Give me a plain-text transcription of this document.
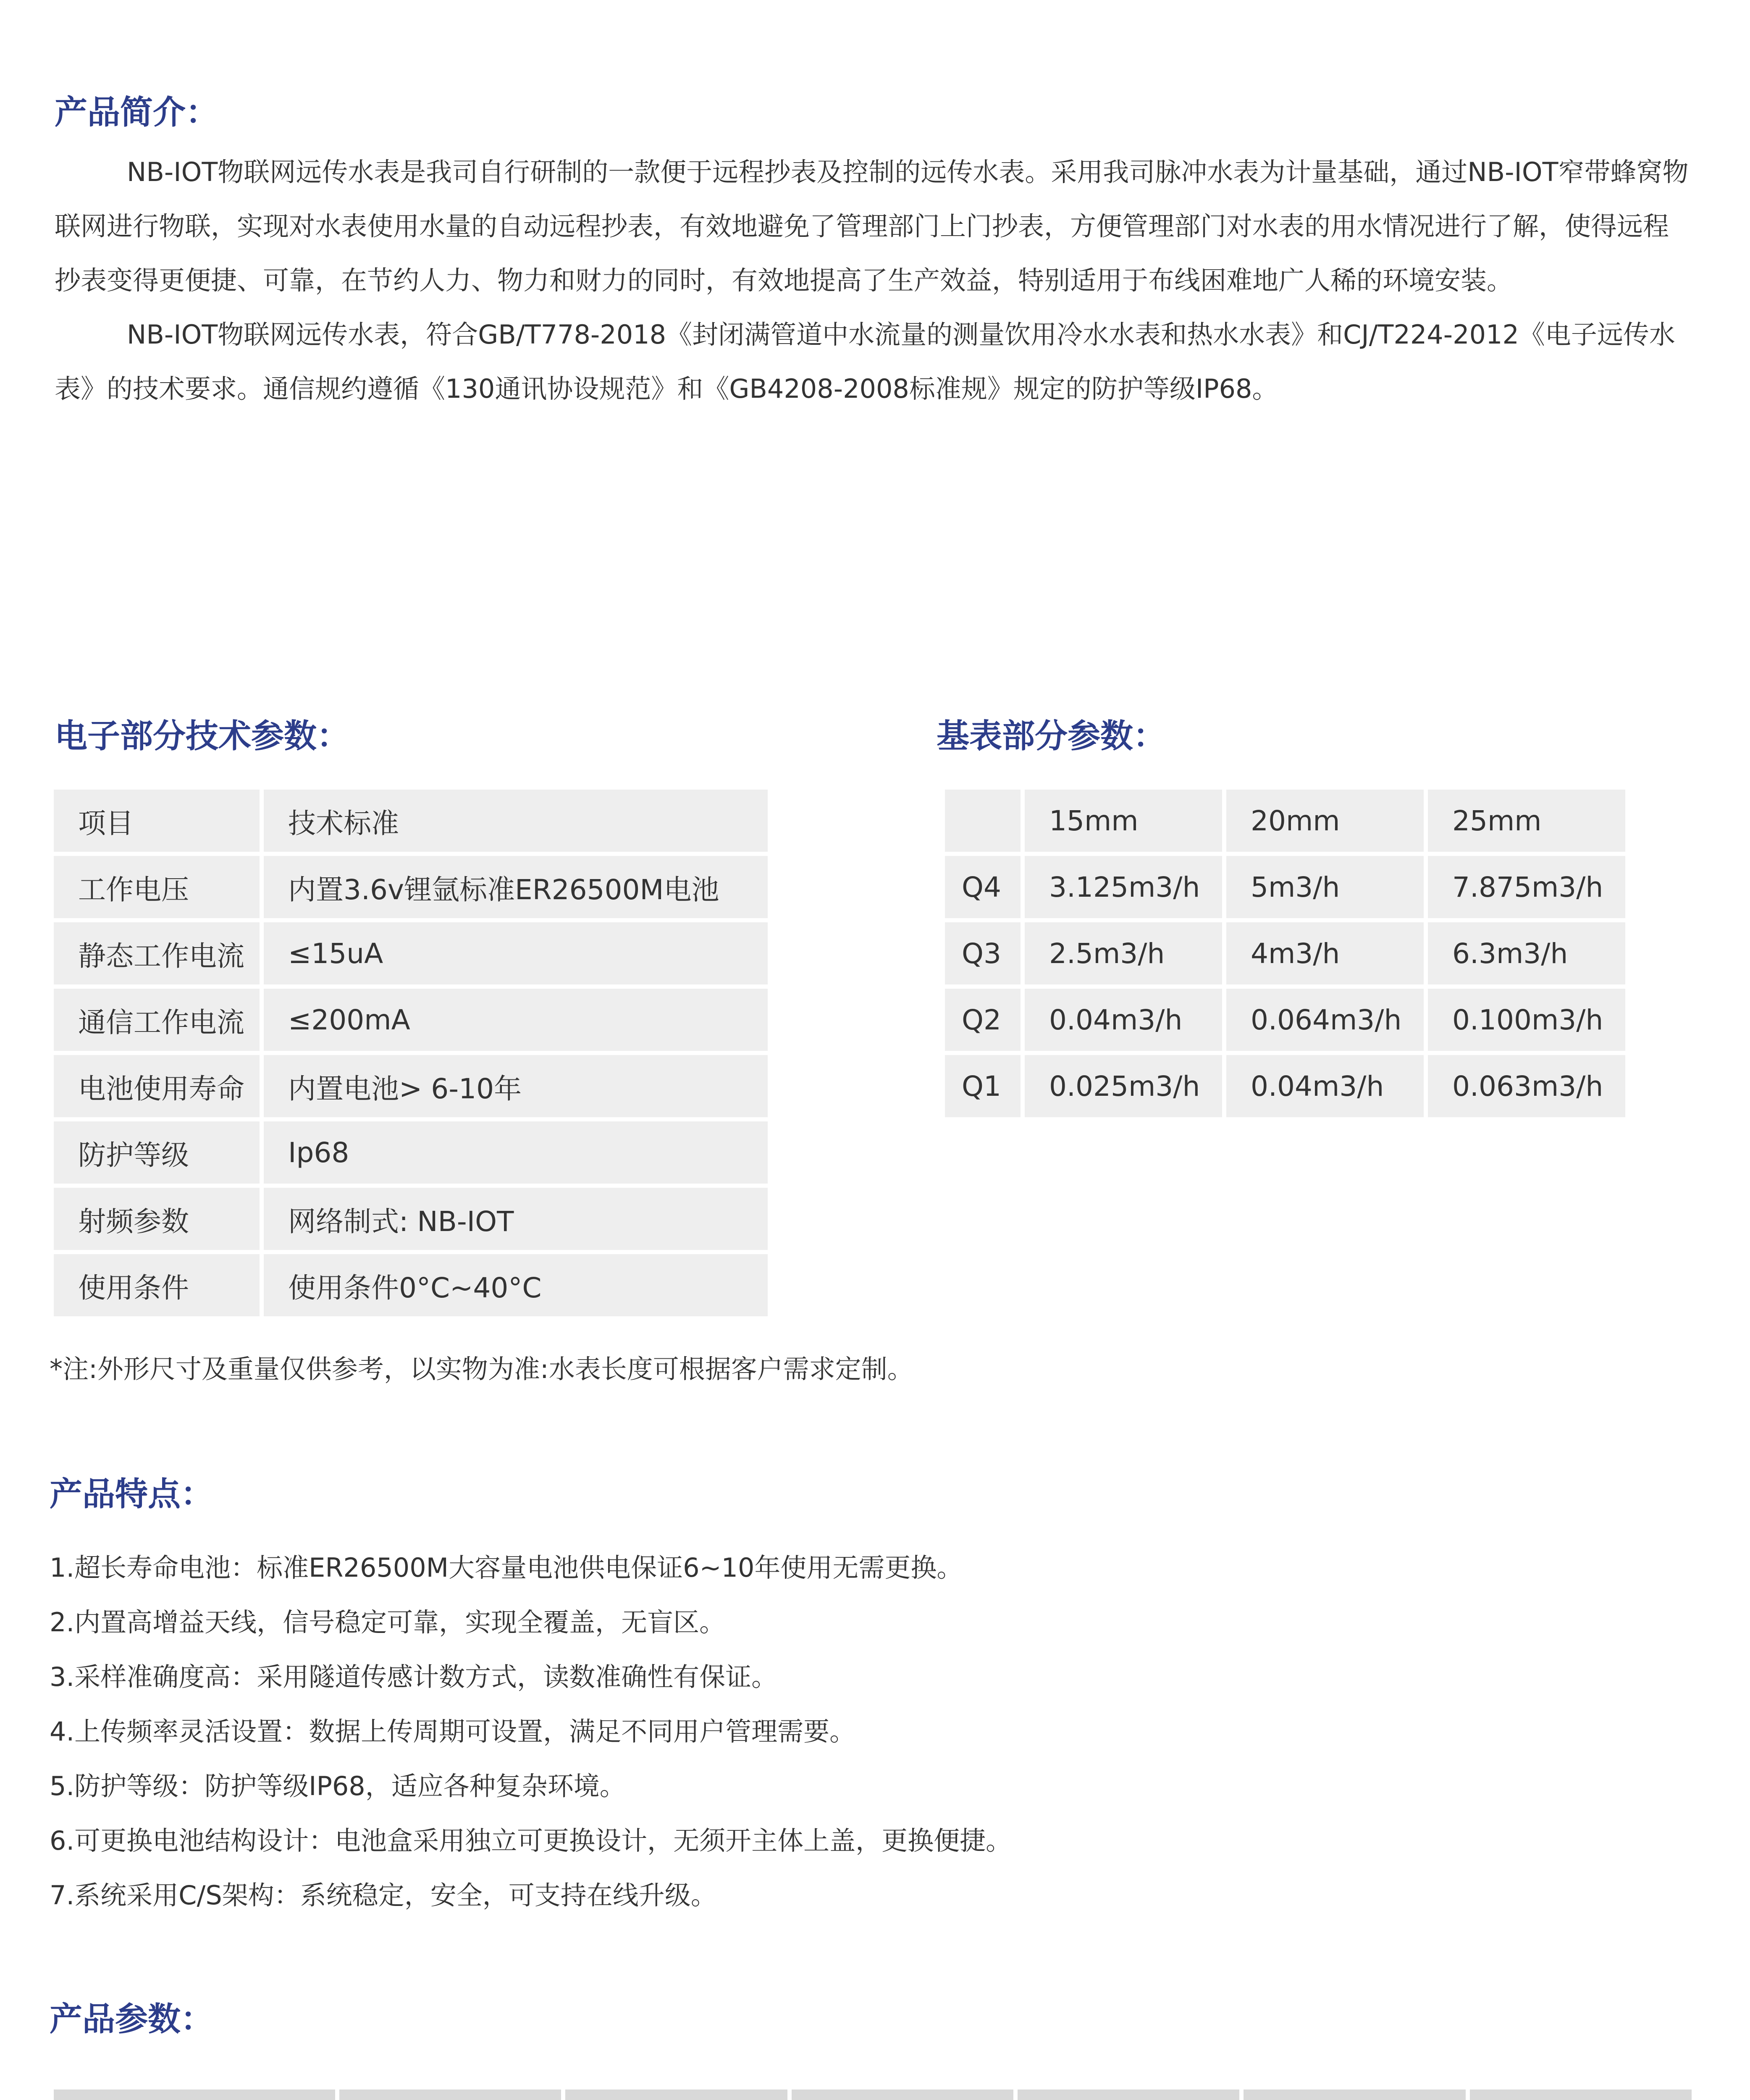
产品简介：

NB-IOT物联网远传水表是我司自行研制的一款便于远程抄表及控制的远传水表。采用我司脉冲水表为计量基础，通过NB-IOT窄带蜂窝物联网进行物联，实现对水表使用水量的自动远程抄表，有效地避免了管理部门上门抄表，方便管理部门对水表的用水情况进行了解，使得远程抄表变得更便捷、可靠，在节约人力、物力和财力的同时，有效地提高了生产效益，特别适用于布线困难地广人稀的环境安装。

NB-IOT物联网远传水表，符合GB/T778-2018《封闭满管道中水流量的测量饮用冷水水表和热水水表》和CJ/T224-2012《电子远传水表》的技术要求。通信规约遵循《130通讯协设规范》和《GB4208-2008标准规》规定的防护等级IP68。

电子部分技术参数：
项目	技术标准
工作电压	内置3.6v锂氩标准ER26500M电池
静态工作电流	≤15uA
通信工作电流	≤200mA
电池使用寿命	内置电池> 6-10年
防护等级	Ip68
射频参数	网络制式: NB-IOT
使用条件	使用条件0°C~40°C
基表部分参数：
	15mm	20mm	25mm
Q4	3.125m3/h	5m3/h	7.875m3/h
Q3	2.5m3/h	4m3/h	6.3m3/h
Q2	0.04m3/h	0.064m3/h	0.100m3/h
Q1	0.025m3/h	0.04m3/h	0.063m3/h
*注:外形尺寸及重量仅供参考，以实物为准:水表长度可根据客户需求定制。
产品特点：
1.超长寿命电池：标准ER26500M大容量电池供电保证6~10年使用无需更换。
2.内置高增益天线，信号稳定可靠，实现全覆盖，无盲区。
3.采样准确度高：采用隧道传感计数方式，读数准确性有保证。
4.上传频率灵活设置：数据上传周期可设置，满足不同用户管理需要。
5.防护等级：防护等级IP68，适应各种复杂环境。
6.可更换电池结构设计：电池盒采用独立可更换设计，无须开主体上盖，更换便捷。
7.系统采用C/S架构：系统稳定，安全，可支持在线升级。
产品参数：
